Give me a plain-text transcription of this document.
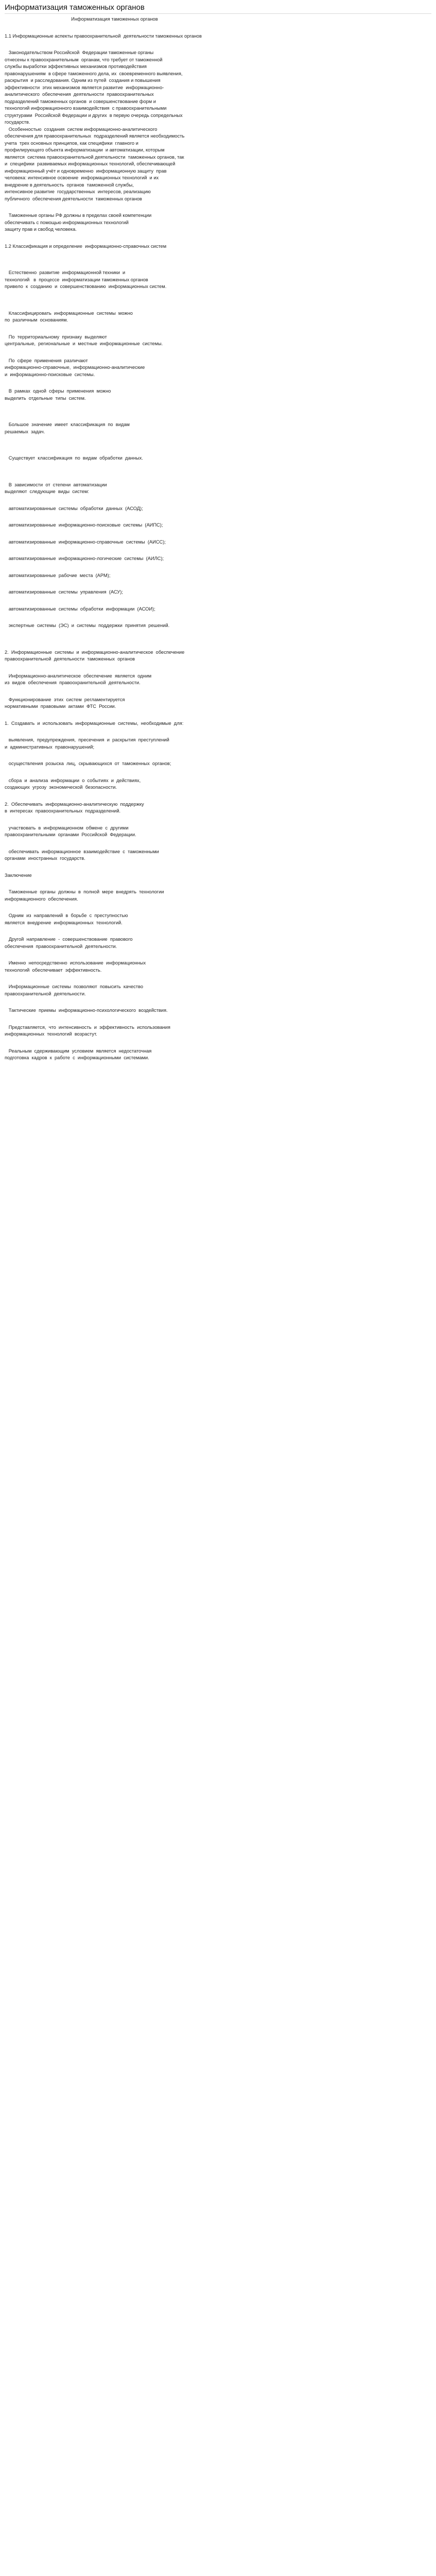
Информатизация таможенных органов

Информатизация таможенных органов

1.1 Информационные аспекты правоохранительной  деятельности таможенных органов

Законодательством Российской  Федерации таможенные органы
отнесены к правоохранительным  органам, что требует от таможенной
службы выработки эффективных механизмов противодействия
правонарушениям  в сфере таможенного дела, их  своевременного выявления,
раскрытия  и расследования. Одним из путей  создания и повышения
эффективности  этих механизмов является развитие  информационно-
аналитического  обеспечения  деятельности  правоохранительных
подразделений таможенных органов  и совершенствование форм и
технологий информационного взаимодействия  с правоохранительными
структурами  Российской Федерации и других  в первую очередь сопредельных
государств.

Особенностью  создания  систем информационно-аналитического
обеспечения для правоохранительных  подразделений является необходимость
учета  трех основных принципов, как специфики  главного и
профилирующего объекта информатизации  и автоматизации, которым
является  система правоохранительной деятельности  таможенных органов, так
и  специфики  развиваемых информационных технологий, обеспечивающей
информационный учёт и одновременно  информационную защиту  прав
человека: интенсивное освоение  информационных технологий  и их
внедрение в деятельность  органов  таможенной службы,
интенсивное развитие  государственных  интересов, реализацию
публичного  обеспечения деятельности  таможенных органов

Таможенные органы РФ должны в пределах своей компетенции
обеспечивать с помощью информационных технологий
защиту прав и свобод человека.

1.2 Классификация и определение  информационно-справочных систем

Естественно  развитие  информационной техники  и
технологий   в  процессе  информатизации таможенных органов
привело  к  созданию  и  совершенствованию  информационных систем.

Классифицировать  информационные  системы  можно
по  различным  основаниям.

По  территориальному  признаку  выделяют
центральные,  региональные  и  местные  информационные  системы.

По  сфере  применения  различают
информационно-справочные,  информационно-аналитические
и  информационно-поисковые  системы.

В  рамках  одной  сферы  применения  можно
выделить  отдельные  типы  систем.

Большое  значение  имеет  классификация  по  видам
решаемых  задач.

Существует  классификация  по  видам  обработки  данных.

В  зависимости  от  степени  автоматизации
выделяют  следующие  виды  систем:

автоматизированные  системы  обработки  данных  (АСОД);

автоматизированные  информационно-поисковые  системы  (АИПС);

автоматизированные  информационно-справочные  системы  (АИСС);

автоматизированные  информационно-логические  системы  (АИЛС);

автоматизированные  рабочие  места  (АРМ);

автоматизированные  системы  управления  (АСУ);

автоматизированные  системы  обработки  информации  (АСОИ);

экспертные  системы  (ЭС)  и  системы  поддержки  принятия  решений.

2.  Информационные  системы  и  информационно-аналитическое  обеспечение
правоохранительной  деятельности  таможенных  органов

Информационно-аналитическое  обеспечение  является  одним
из  видов  обеспечения  правоохранительной  деятельности.

Функционирование  этих  систем  регламентируется
нормативными  правовыми  актами  ФТС  России.

1.  Создавать  и  использовать  информационные  системы,  необходимые  для:

выявления,  предупреждения,  пресечения  и  раскрытия  преступлений
и  административных  правонарушений;

осуществления  розыска  лиц,  скрывающихся  от  таможенных  органов;

сбора  и  анализа  информации  о  событиях  и  действиях,
создающих  угрозу  экономической  безопасности.

2.  Обеспечивать  информационно-аналитическую  поддержку
в  интересах  правоохранительных  подразделений.

участвовать  в  информационном  обмене  с  другими
правоохранительными  органами  Российской  Федерации.

обеспечивать  информационное  взаимодействие  с  таможенными
органами  иностранных  государств.

Заключение

Таможенные  органы  должны  в  полной  мере  внедрять  технологии
информационного  обеспечения.

Одним  из  направлений  в  борьбе  с  преступностью
является  внедрение  информационных  технологий.

Другой  направление  -  совершенствование  правового
обеспечения  правоохранительной  деятельности.

Именно  непосредственно  использование  информационных
технологий  обеспечивает  эффективность.

Информационные  системы  позволяют  повысить  качество
правоохранительной  деятельности.

Тактические  приемы  информационно-психологического  воздействия.

Представляется,  что  интенсивность  и  эффективность  использования
информационных  технологий  возрастут.

Реальным  сдерживающим  условием  является  недостаточная
подготовка  кадров  к  работе  с  информационными  системами.
